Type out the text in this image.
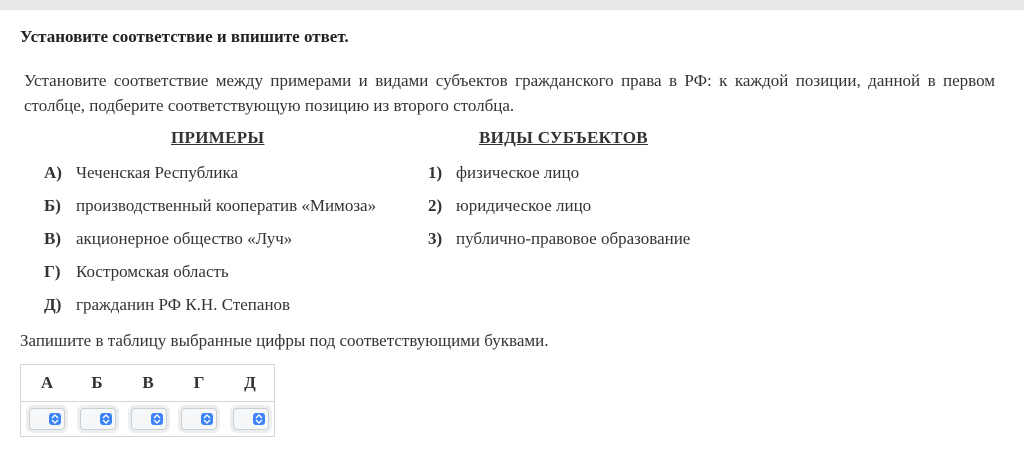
Установите соответствие и впишите ответ.
Установите соответствие между примерами и видами субъектов гражданского права в РФ: к каждой позиции, данной в первом столбце, подберите соответствующую позицию из второго столбца.
ПРИМЕРЫ	ВИДЫ СУБЪЕКТОВ
А) Чеченская Республика
Б) производственный кооператив «Мимоза»
В) акционерное общество «Луч»
Г) Костромская область
Д) гражданин РФ К.Н. Степанов
1) физическое лицо
2) юридическое лицо
3) публично-правовое образование
Запишите в таблицу выбранные цифры под соответствующими буквами.
А	Б	В	Г	Д
